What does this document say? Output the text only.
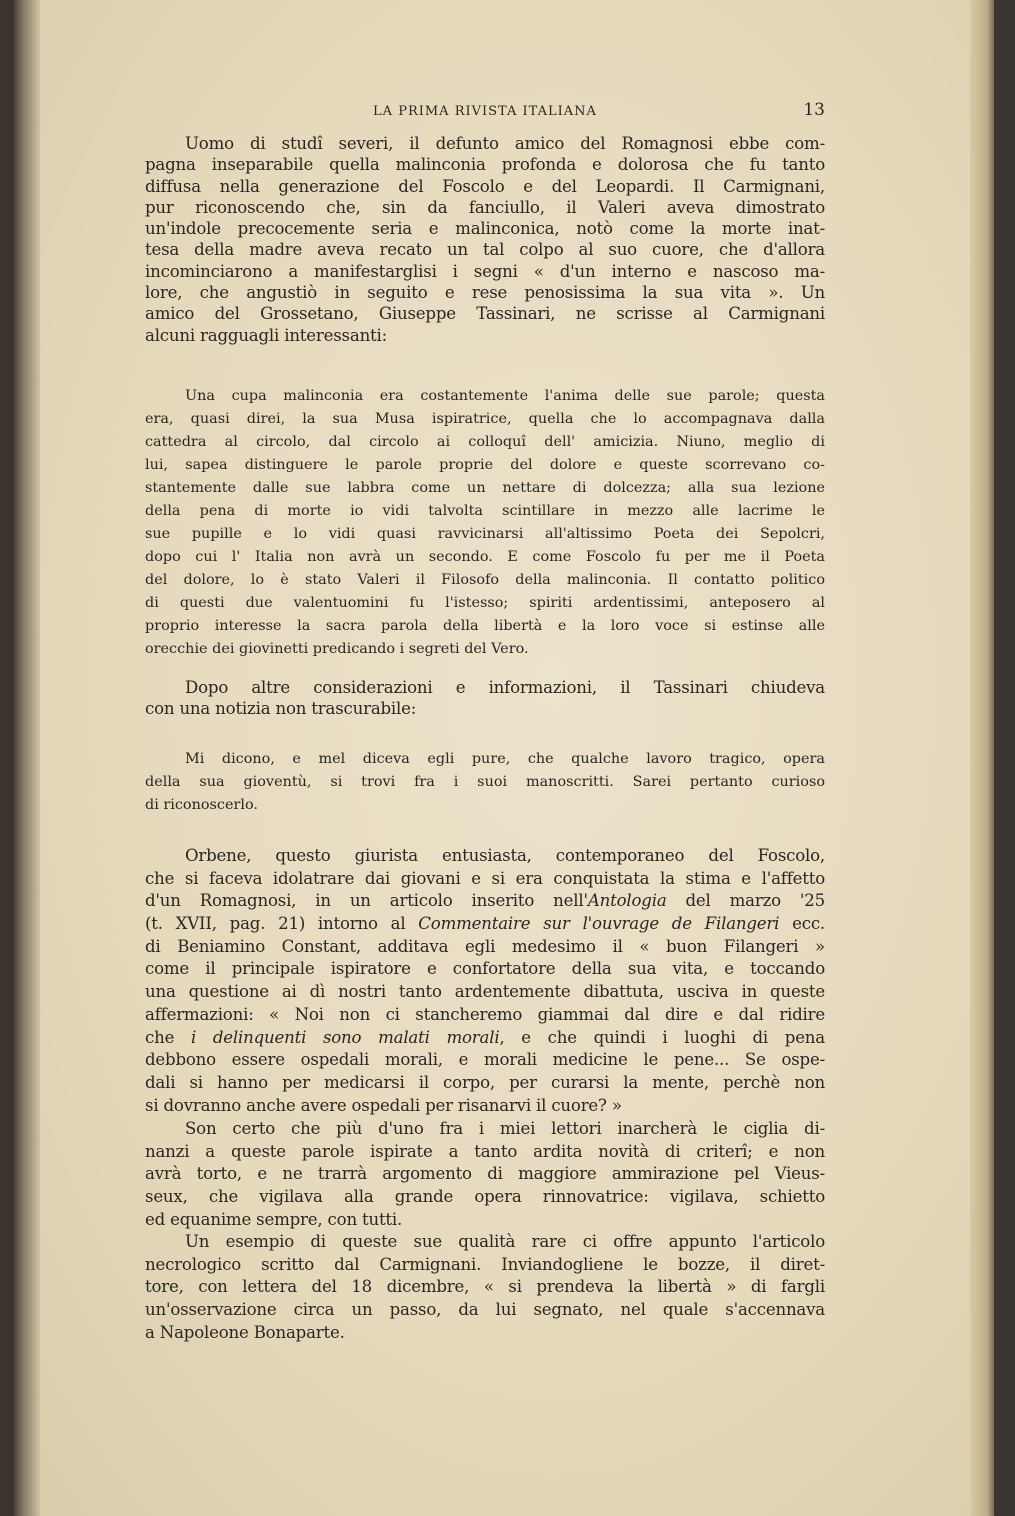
LA PRIMA RIVISTA ITALIANA	13
Uomo di studî severi, il defunto amico del Romagnosi ebbe com-
pagna inseparabile quella malinconia profonda e dolorosa che fu tanto
diffusa nella generazione del Foscolo e del Leopardi. Il Carmignani,
pur riconoscendo che, sin da fanciullo, il Valeri aveva dimostrato
un'indole precocemente seria e malinconica, notò come la morte inat-
tesa della madre aveva recato un tal colpo al suo cuore, che d'allora
incominciarono a manifestarglisi i segni « d'un interno e nascoso ma-
lore, che angustiò in seguito e rese penosissima la sua vita ». Un
amico del Grossetano, Giuseppe Tassinari, ne scrisse al Carmignani
alcuni ragguagli interessanti:
Una cupa malinconia era costantemente l'anima delle sue parole; questa
era, quasi direi, la sua Musa ispiratrice, quella che lo accompagnava dalla
cattedra al circolo, dal circolo ai colloquî dell' amicizia. Niuno, meglio di
lui, sapea distinguere le parole proprie del dolore e queste scorrevano co-
stantemente dalle sue labbra come un nettare di dolcezza; alla sua lezione
della pena di morte io vidi talvolta scintillare in mezzo alle lacrime le
sue pupille e lo vidi quasi ravvicinarsi all'altissimo Poeta dei Sepolcri,
dopo cui l' Italia non avrà un secondo. E come Foscolo fu per me il Poeta
del dolore, lo è stato Valeri il Filosofo della malinconia. Il contatto politico
di questi due valentuomini fu l'istesso; spiriti ardentissimi, anteposero al
proprio interesse la sacra parola della libertà e la loro voce si estinse alle
orecchie dei giovinetti predicando i segreti del Vero.
Dopo altre considerazioni e informazioni, il Tassinari chiudeva
con una notizia non trascurabile:
Mi dicono, e mel diceva egli pure, che qualche lavoro tragico, opera
della sua gioventù, si trovi fra i suoi manoscritti. Sarei pertanto curioso
di riconoscerlo.
Orbene, questo giurista entusiasta, contemporaneo del Foscolo,
che si faceva idolatrare dai giovani e si era conquistata la stima e l'affetto
d'un Romagnosi, in un articolo inserito nell'Antologia del marzo '25
(t. XVII, pag. 21) intorno al Commentaire sur l'ouvrage de Filangeri ecc.
di Beniamino Constant, additava egli medesimo il « buon Filangeri »
come il principale ispiratore e confortatore della sua vita, e toccando
una questione ai dì nostri tanto ardentemente dibattuta, usciva in queste
affermazioni: « Noi non ci stancheremo giammai dal dire e dal ridire
che i delinquenti sono malati morali, e che quindi i luoghi di pena
debbono essere ospedali morali, e morali medicine le pene... Se ospe-
dali si hanno per medicarsi il corpo, per curarsi la mente, perchè non
si dovranno anche avere ospedali per risanarvi il cuore? »
Son certo che più d'uno fra i miei lettori inarcherà le ciglia di-
nanzi a queste parole ispirate a tanto ardita novità di criterî; e non
avrà torto, e ne trarrà argomento di maggiore ammirazione pel Vieus-
seux, che vigilava alla grande opera rinnovatrice: vigilava, schietto
ed equanime sempre, con tutti.
Un esempio di queste sue qualità rare ci offre appunto l'articolo
necrologico scritto dal Carmignani. Inviandogliene le bozze, il diret-
tore, con lettera del 18 dicembre, « si prendeva la libertà » di fargli
un'osservazione circa un passo, da lui segnato, nel quale s'accennava
a Napoleone Bonaparte.
